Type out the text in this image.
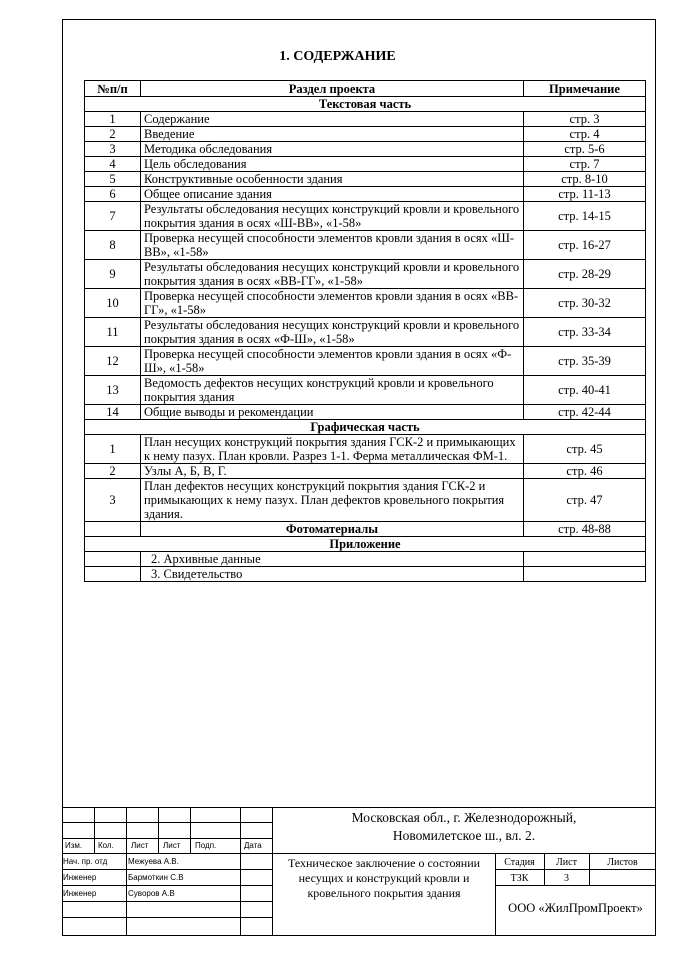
1. СОДЕРЖАНИЕ
№п/п	Раздел проекта	Примечание
Текстовая часть		
1	Содержание	стр. 3
2	Введение	стр. 4
3	Методика обследования	стр. 5-6
4	Цель обследования	стр. 7
5	Конструктивные особенности здания	стр. 8-10
6	Общее описание здания	стр. 11-13
7	Результаты обследования несущих конструкций кровли и кровельного покрытия здания в осях «Ш-ВВ», «1-58»	стр. 14-15
8	Проверка несущей способности элементов кровли здания в осях «Ш-ВВ», «1-58»	стр. 16-27
9	Результаты обследования несущих конструкций кровли и кровельного покрытия здания в осях «ВВ-ГГ», «1-58»	стр. 28-29
10	Проверка несущей способности элементов кровли здания в осях «ВВ-ГГ», «1-58»	стр. 30-32
11	Результаты обследования несущих конструкций кровли и кровельного покрытия здания в осях «Ф-Ш», «1-58»	стр. 33-34
12	Проверка несущей способности элементов кровли здания в осях «Ф-Ш», «1-58»	стр. 35-39
13	Ведомость дефектов несущих конструкций кровли и кровельного покрытия здания	стр. 40-41
14	Общие выводы и рекомендации	стр. 42-44
Графическая часть		
1	План несущих конструкций покрытия здания ГСК-2 и примыкающих к нему пазух. План кровли. Разрез 1-1. Ферма металлическая ФМ-1.	стр. 45
2	Узлы А, Б, В, Г.	стр. 46
3	План дефектов несущих конструкций покрытия здания ГСК-2 и примыкающих к нему пазух. План дефектов кровельного покрытия здания.	стр. 47
	Фотоматериалы	стр. 48-88
Приложение		
	2. Архивные данные	
	3. Свидетельство	
Изм. Кол. Лист Лист Подп.	Дата
Нач. пр. отд	Межуева А.В.
Инженер	Бармоткин С.В
Инженер	Суворов А.В
Московская обл., г. Железнодорожный,
Новомилетское ш., вл. 2.
Техническое заключение о состоянии несущих и конструкций кровли и кровельного покрытия здания
Стадия	Лист	Листов
ТЗК	3
ООО «ЖилПромПроект»
